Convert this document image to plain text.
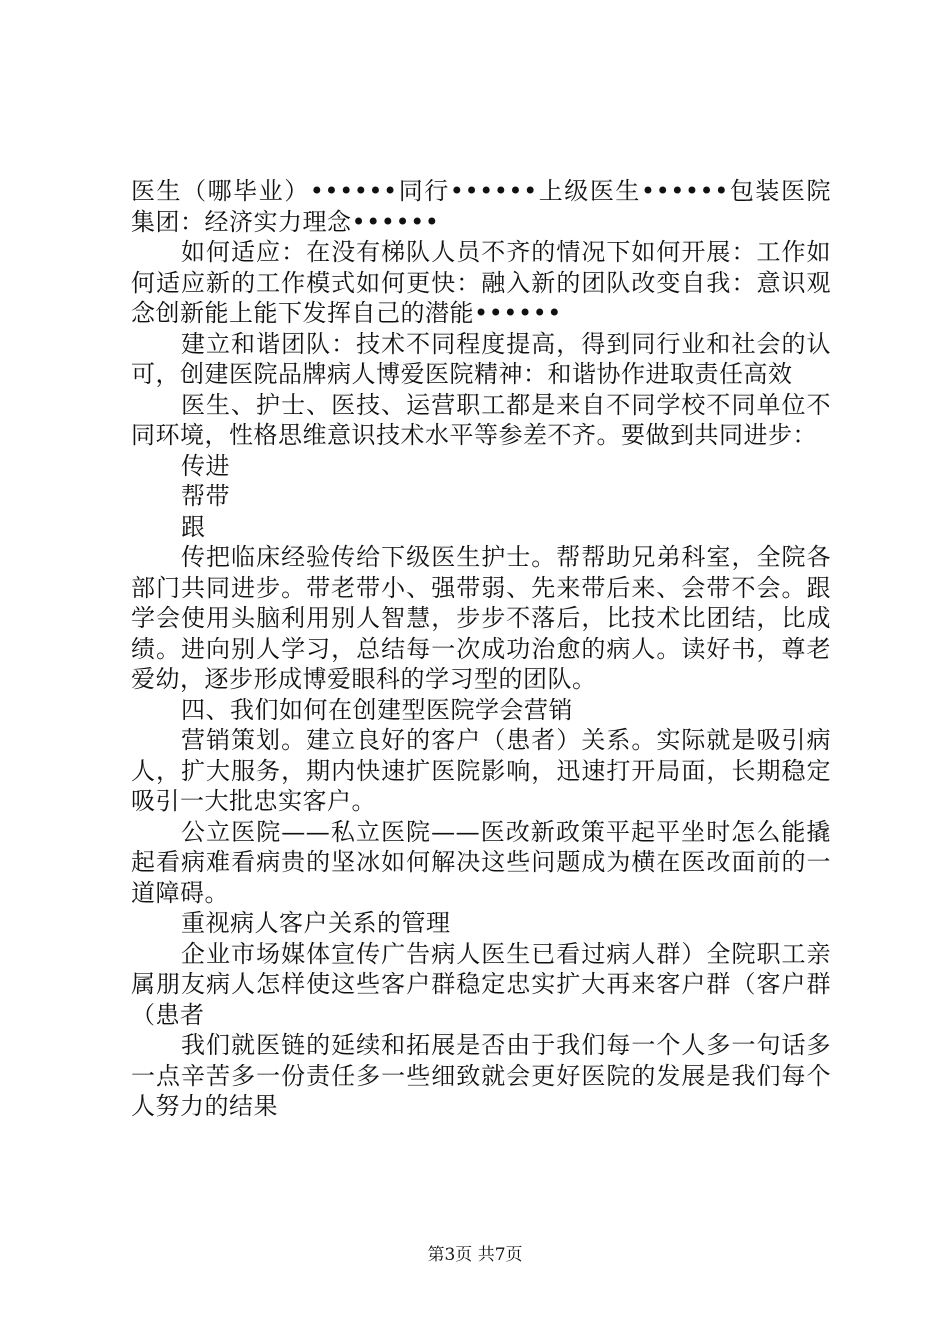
医生（哪毕业）••••••同行••••••上级医生••••••包装医院集团：经济实力理念••••••

如何适应：在没有梯队人员不齐的情况下如何开展：工作如何适应新的工作模式如何更快：融入新的团队改变自我：意识观念创新能上能下发挥自己的潜能••••••

建立和谐团队：技术不同程度提高，得到同行业和社会的认可，创建医院品牌病人博爱医院精神：和谐协作进取责任高效

医生、护士、医技、运营职工都是来自不同学校不同单位不同环境，性格思维意识技术水平等参差不齐。要做到共同进步：

传进

帮带

跟

传把临床经验传给下级医生护士。帮帮助兄弟科室，全院各部门共同进步。带老带小、强带弱、先来带后来、会带不会。跟学会使用头脑利用别人智慧，步步不落后，比技术比团结，比成绩。进向别人学习，总结每一次成功治愈的病人。读好书，尊老爱幼，逐步形成博爱眼科的学习型的团队。

四、我们如何在创建型医院学会营销

营销策划。建立良好的客户（患者）关系。实际就是吸引病人，扩大服务，期内快速扩医院影响，迅速打开局面，长期稳定吸引一大批忠实客户。

公立医院——私立医院——医改新政策平起平坐时怎么能撬起看病难看病贵的坚冰如何解决这些问题成为横在医改面前的一道障碍。

重视病人客户关系的管理

企业市场媒体宣传广告病人医生已看过病人群）全院职工亲属朋友病人怎样使这些客户群稳定忠实扩大再来客户群（客户群（患者

我们就医链的延续和拓展是否由于我们每一个人多一句话多一点辛苦多一份责任多一些细致就会更好医院的发展是我们每个人努力的结果

第3页 共7页
